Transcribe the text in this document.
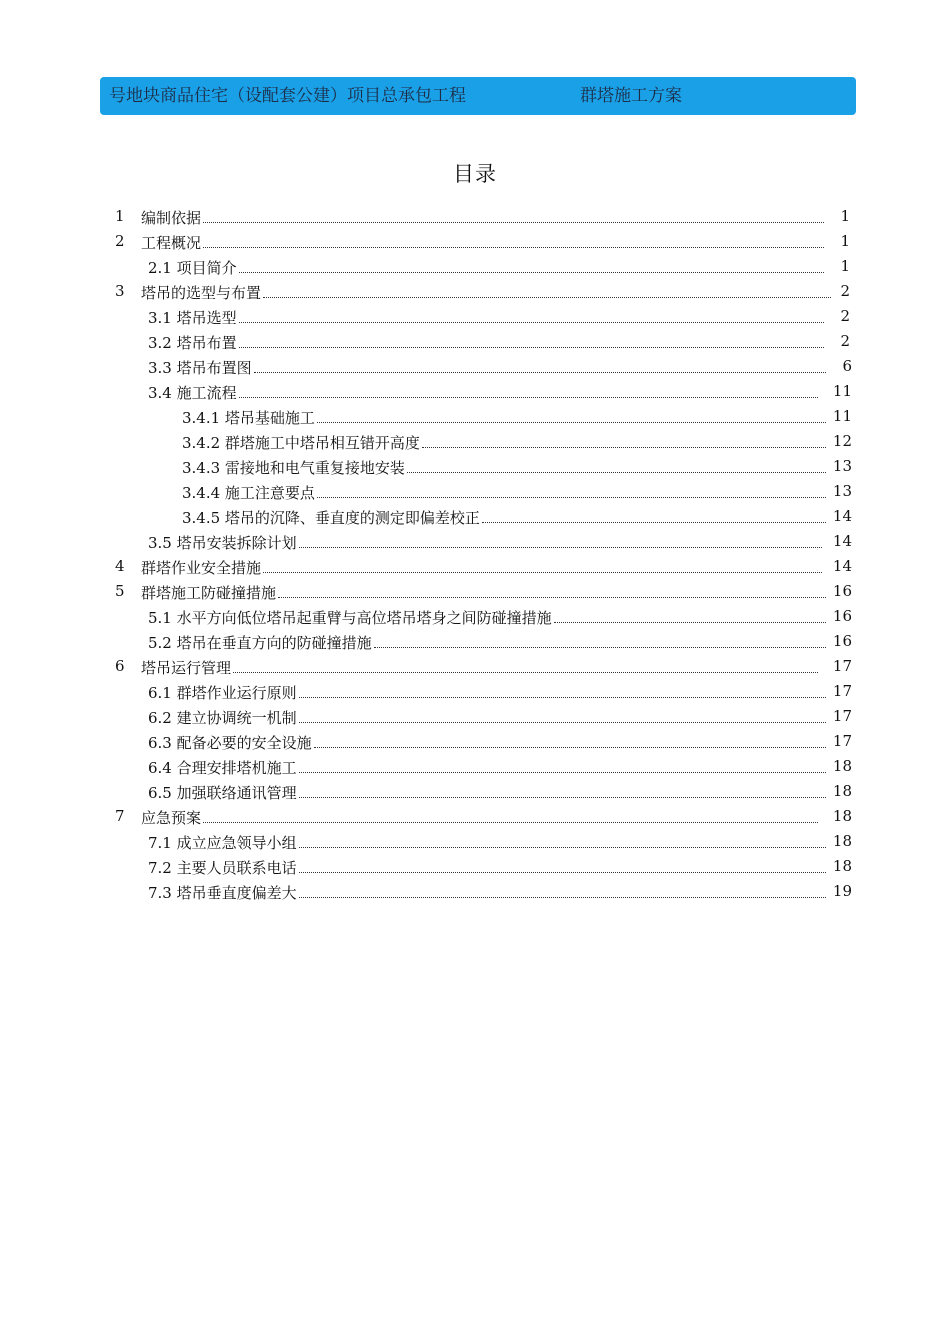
号地块商品住宅（设配套公建）项目总承包工程	群塔施工方案
目录
1 编制依据	1
2 工程概况	1
2.1 项目简介	1
3 塔吊的选型与布置	2
3.1 塔吊选型	2
3.2 塔吊布置	2
3.3 塔吊布置图	6
3.4 施工流程	11
3.4.1 塔吊基础施工	11
3.4.2 群塔施工中塔吊相互错开高度	12
3.4.3 雷接地和电气重复接地安装	13
3.4.4 施工注意要点	13
3.4.5 塔吊的沉降、垂直度的测定即偏差校正	14
3.5 塔吊安装拆除计划	14
4 群塔作业安全措施	14
5 群塔施工防碰撞措施	16
5.1 水平方向低位塔吊起重臂与高位塔吊塔身之间防碰撞措施	16
5.2 塔吊在垂直方向的防碰撞措施	16
6 塔吊运行管理	17
6.1 群塔作业运行原则	17
6.2 建立协调统一机制	17
6.3 配备必要的安全设施	17
6.4 合理安排塔机施工	18
6.5 加强联络通讯管理	18
7 应急预案	18
7.1 成立应急领导小组	18
7.2 主要人员联系电话	18
7.3 塔吊垂直度偏差大	19
